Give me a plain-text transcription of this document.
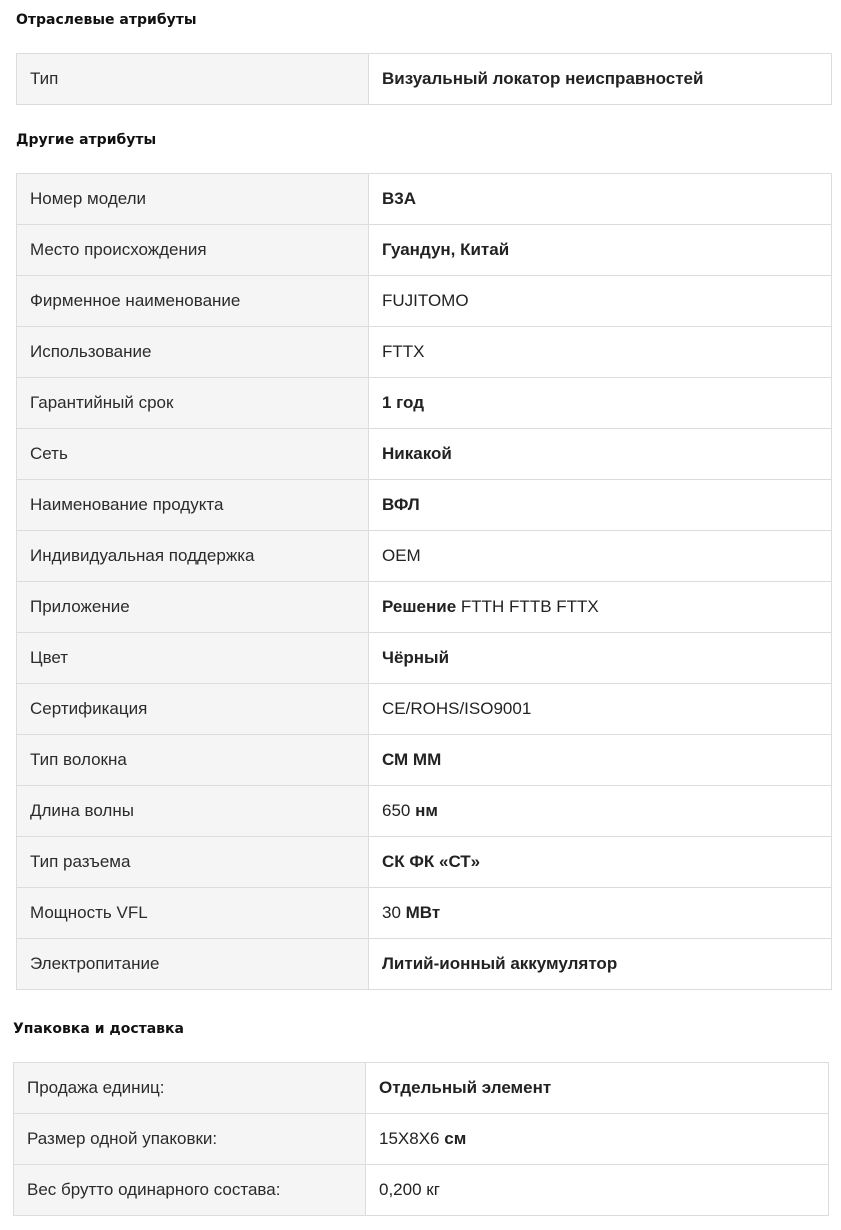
Отраслевые атрибуты
Тип	Визуальный локатор неисправностей
Другие атрибуты
Номер модели	B3A
Место происхождения	Гуандун, Китай
Фирменное наименование	FUJITOMO
Использование	FTTX
Гарантийный срок	1 год
Сеть	Никакой
Наименование продукта	ВФЛ
Индивидуальная поддержка	OEM
Приложение	Решение FTTH FTTB FTTX
Цвет	Чёрный
Сертификация	CE/ROHS/ISO9001
Тип волокна	СМ ММ
Длина волны	650 нм
Тип разъема	СК ФК «СТ»
Мощность VFL	30 МВт
Электропитание	Литий-ионный аккумулятор
Упаковка и доставка
Продажа единиц:	Отдельный элемент
Размер одной упаковки:	15X8X6 см
Вес брутто одинарного состава:	0,200 кг
